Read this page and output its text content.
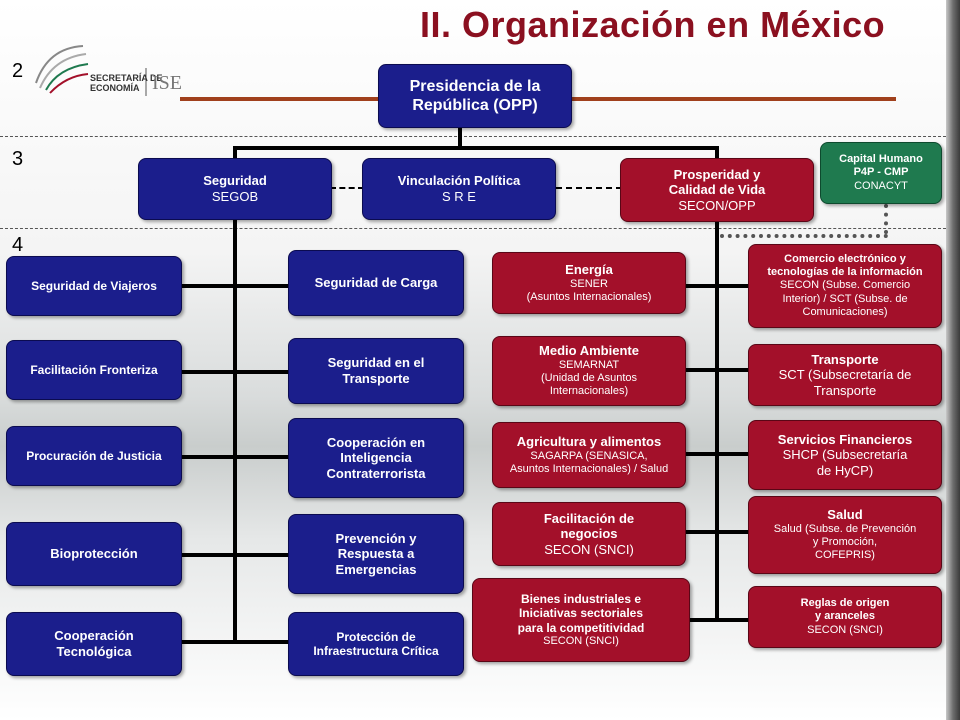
II. Organización en México
SECRETARÍA DE
ECONOMÍA ISE
2
3
4
Presidencia de la
República (OPP)
Capital Humano
P4P - CMP
CONACYT
Seguridad
SEGOB
Vinculación Política
S R E
Prosperidad y
Calidad de Vida
SECON/OPP
Seguridad de Viajeros
Facilitación Fronteriza
Procuración de Justicia
Bioprotección
Cooperación
Tecnológica
Seguridad de Carga
Seguridad en el
Transporte
Cooperación en
Inteligencia
Contraterrorista
Prevención y
Respuesta a
Emergencias
Protección de
Infraestructura Crítica
Energía
SENER
(Asuntos Internacionales)
Medio Ambiente
SEMARNAT
(Unidad de Asuntos
Internacionales)
Agricultura y alimentos
SAGARPA (SENASICA,
Asuntos Internacionales) / Salud
Facilitación de
negocios
SECON (SNCI)
Bienes industriales e
Iniciativas sectoriales
para la competitividad
SECON (SNCI)
Comercio electrónico y
tecnologías de la información
SECON (Subse. Comercio
Interior) / SCT (Subse. de
Comunicaciones)
Transporte
SCT (Subsecretaría de
Transporte
Servicios Financieros
SHCP (Subsecretaría
de HyCP)
Salud
Salud (Subse. de Prevención
y Promoción,
COFEPRIS)
Reglas de origen
y aranceles
SECON (SNCI)
